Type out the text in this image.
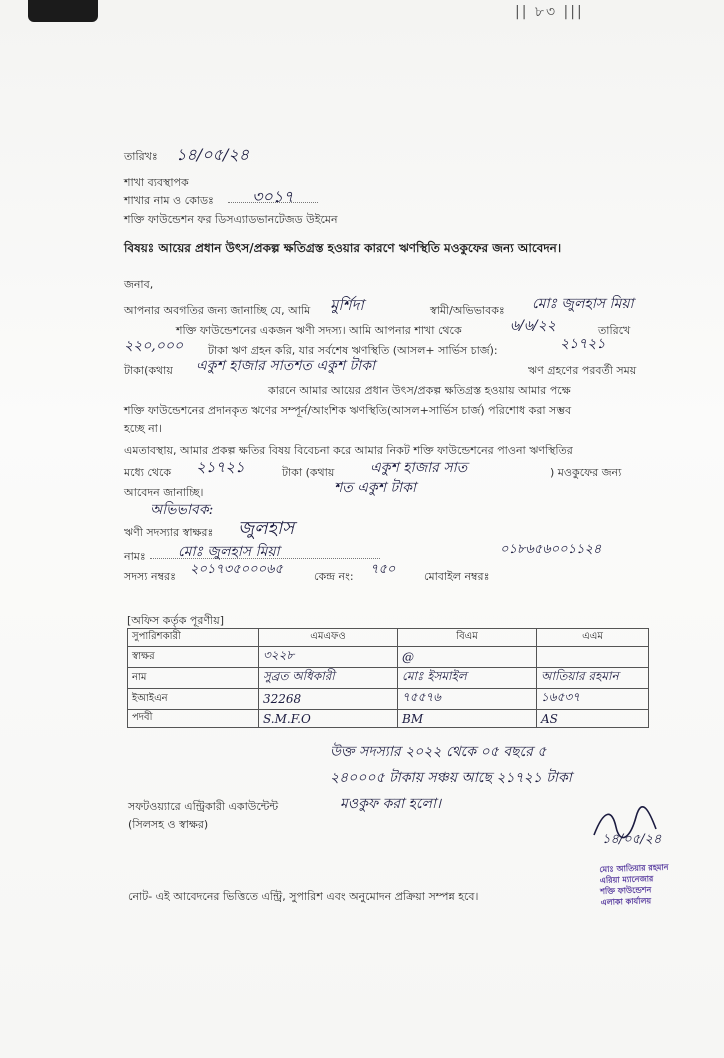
|| ৮৩ |||
তারিখঃ ১৪/০৫/২৪
শাখা ব্যবস্থাপক
শাখার নাম ও কোডঃ ৩০১৭
শক্তি ফাউন্ডেশন ফর ডিসএ্যাডভানটেজড উইমেন
বিষয়ঃ আয়ের প্রধান উৎস/প্রকল্প ক্ষতিগ্রস্ত হওয়ার কারণে ঋণস্থিতি মওকুফের জন্য আবেদন।
জনাব,
আপনার অবগতির জন্য জানাচ্ছি যে, আমি মুর্শিদা	স্বামী/অভিভাবকঃ মোঃ জুলহাস মিয়া
শক্তি ফাউন্ডেশনের একজন ঋণী সদস্য। আমি আপনার শাখা থেকে	৬/৬/২২	তারিখে
২২০,০০০ টাকা ঋণ গ্রহন করি, যার সর্বশেষ ঋণস্থিতি (আসল+ সার্ভিস চার্জ):	২১৭২১
টাকা(কথায় একুশ হাজার সাতশত একুশ টাকা	ঋণ গ্রহণের পরবর্তী সময়
কারনে আমার আয়ের প্রধান উৎস/প্রকল্প ক্ষতিগ্রস্ত হওয়ায় আমার পক্ষে
শক্তি ফাউন্ডেশনের প্রদানকৃত ঋণের সম্পূর্ন/আংশিক ঋণস্থিতি(আসল+সার্ভিস চার্জ) পরিশোধ করা সম্ভব
হচ্ছে না।
এমতাবস্থায়, আমার প্রকল্প ক্ষতির বিষয় বিবেচনা করে আমার নিকট শক্তি ফাউন্ডেশনের পাওনা ঋণস্থিতির
মধ্যে থেকে ২১৭২১	টাকা (কথায়	একুশ হাজার সাত	) মওকুফের জন্য
শত একুশ টাকা
আবেদন জানাচ্ছি।
অভিভাবক:
ঋণী সদস্যার স্বাক্ষরঃ জুলহাস
নামঃ মোঃ জুলহাস মিয়া
সদস্য নম্বরঃ ২০১৭৩৫০০০৬৫	কেন্দ্র নং: ৭৫০	মোবাইল নম্বরঃ
০১৮৬৫৬০০১১২৪
[অফিস কর্তৃক পূরণীয়]
সুপারিশকারী	এমএফও	বিএম	এএম
স্বাক্ষর	৩২২৮	@	
নাম	সুব্রত অধিকারী	মোঃ ইসমাইল	আতিয়ার রহমান
ইআইএন	32268	৭৫৫৭৬	১৬৫৩৭
পদবী	S.M.F.O	BM	AS
উক্ত সদস্যার ২০২২ থেকে ০৫ বছরে ৫
২৪০০০৫ টাকায় সঞ্চয় আছে ২১৭২১ টাকা
মওকুফ করা হলো।
১৪/০৫/২৪
সফটওয়্যারে এন্ট্রিকারী একাউন্টেন্ট
(সিলসহ ও স্বাক্ষর)
মোঃ আতিয়ার রহমান
এরিয়া ম্যানেজার
শক্তি ফাউন্ডেশন
এলাকা কার্যালয়
নোট- এই আবেদনের ভিত্তিতে এন্ট্রি, সুপারিশ এবং অনুমোদন প্রক্রিয়া সম্পন্ন হবে।
